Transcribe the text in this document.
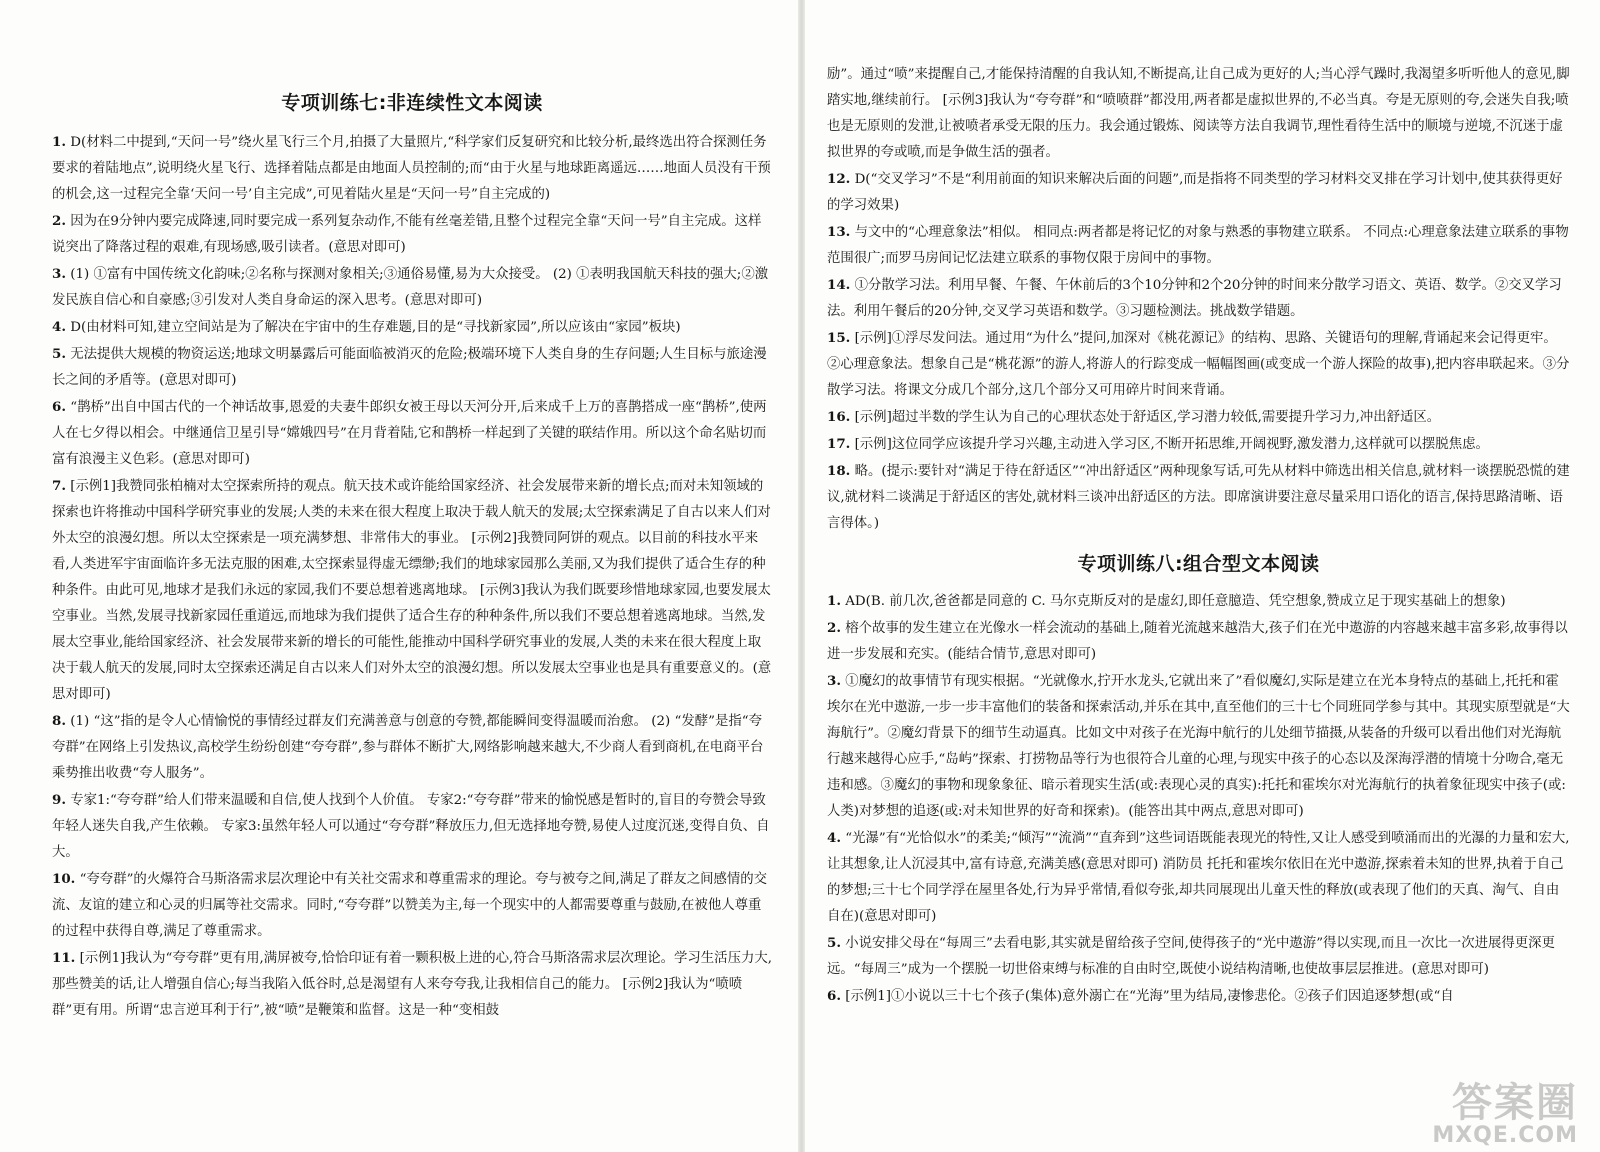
专项训练七:非连续性文本阅读

1. D(材料二中提到,“天问一号”绕火星飞行三个月,拍摄了大量照片,“科学家们反复研究和比较分析,最终选出符合探测任务要求的着陆地点”,说明绕火星飞行、选择着陆点都是由地面人员控制的;而“由于火星与地球距离遥远……地面人员没有干预的机会,这一过程完全靠‘天问一号’自主完成”,可见着陆火星是“天问一号”自主完成的)

2. 因为在9分钟内要完成降速,同时要完成一系列复杂动作,不能有丝毫差错,且整个过程完全靠“天问一号”自主完成。这样说突出了降落过程的艰难,有现场感,吸引读者。(意思对即可)

3. (1) ①富有中国传统文化韵味;②名称与探测对象相关;③通俗易懂,易为大众接受。 (2) ①表明我国航天科技的强大;②激发民族自信心和自豪感;③引发对人类自身命运的深入思考。(意思对即可)

4. D(由材料可知,建立空间站是为了解决在宇宙中的生存难题,目的是“寻找新家园”,所以应该由“家园”板块)

5. 无法提供大规模的物资运送;地球文明暴露后可能面临被消灭的危险;极端环境下人类自身的生存问题;人生目标与旅途漫长之间的矛盾等。(意思对即可)

6. “鹊桥”出自中国古代的一个神话故事,恩爱的夫妻牛郎织女被王母以天河分开,后来成千上万的喜鹊搭成一座“鹊桥”,使两人在七夕得以相会。中继通信卫星引导“嫦娥四号”在月背着陆,它和鹊桥一样起到了关键的联结作用。所以这个命名贴切而富有浪漫主义色彩。(意思对即可)

7. [示例1]我赞同张柏楠对太空探索所持的观点。航天技术或许能给国家经济、社会发展带来新的增长点;而对未知领域的探索也许将推动中国科学研究事业的发展;人类的未来在很大程度上取决于载人航天的发展;太空探索满足了自古以来人们对外太空的浪漫幻想。所以太空探索是一项充满梦想、非常伟大的事业。 [示例2]我赞同阿饼的观点。以目前的科技水平来看,人类进军宇宙面临许多无法克服的困难,太空探索显得虚无缥缈;我们的地球家园那么美丽,又为我们提供了适合生存的种种条件。由此可见,地球才是我们永远的家园,我们不要总想着逃离地球。 [示例3]我认为我们既要珍惜地球家园,也要发展太空事业。当然,发展寻找新家园任重道远,而地球为我们提供了适合生存的种种条件,所以我们不要总想着逃离地球。当然,发展太空事业,能给国家经济、社会发展带来新的增长的可能性,能推动中国科学研究事业的发展,人类的未来在很大程度上取决于载人航天的发展,同时太空探索还满足自古以来人们对外太空的浪漫幻想。所以发展太空事业也是具有重要意义的。(意思对即可)

8. (1) “这”指的是令人心情愉悦的事情经过群友们充满善意与创意的夸赞,都能瞬间变得温暖而治愈。 (2) “发酵”是指“夸夸群”在网络上引发热议,高校学生纷纷创建“夸夸群”,参与群体不断扩大,网络影响越来越大,不少商人看到商机,在电商平台乘势推出收费“夸人服务”。

9. 专家1:“夸夸群”给人们带来温暖和自信,使人找到个人价值。 专家2:“夸夸群”带来的愉悦感是暂时的,盲目的夸赞会导致年轻人迷失自我,产生依赖。 专家3:虽然年轻人可以通过“夸夸群”释放压力,但无选择地夸赞,易使人过度沉迷,变得自负、自大。

10. “夸夸群”的火爆符合马斯洛需求层次理论中有关社交需求和尊重需求的理论。夸与被夸之间,满足了群友之间感情的交流、友谊的建立和心灵的归属等社交需求。同时,“夸夸群”以赞美为主,每一个现实中的人都需要尊重与鼓励,在被他人尊重的过程中获得自尊,满足了尊重需求。

11. [示例1]我认为“夸夸群”更有用,满屏被夸,恰恰印证有着一颗积极上进的心,符合马斯洛需求层次理论。学习生活压力大,那些赞美的话,让人增强自信心;每当我陷入低谷时,总是渴望有人来夸夸我,让我相信自己的能力。 [示例2]我认为“喷喷群”更有用。所谓“忠言逆耳利于行”,被“喷”是鞭策和监督。这是一种“变相鼓

励”。通过“喷”来提醒自己,才能保持清醒的自我认知,不断提高,让自己成为更好的人;当心浮气躁时,我渴望多听听他人的意见,脚踏实地,继续前行。 [示例3]我认为“夸夸群”和“喷喷群”都没用,两者都是虚拟世界的,不必当真。夸是无原则的夸,会迷失自我;喷也是无原则的发泄,让被喷者承受无限的压力。我会通过锻炼、阅读等方法自我调节,理性看待生活中的顺境与逆境,不沉迷于虚拟世界的夸或喷,而是争做生活的强者。

12. D(“交叉学习”不是“利用前面的知识来解决后面的问题”,而是指将不同类型的学习材料交叉排在学习计划中,使其获得更好的学习效果)

13. 与文中的“心理意象法”相似。 相同点:两者都是将记忆的对象与熟悉的事物建立联系。 不同点:心理意象法建立联系的事物范围很广;而罗马房间记忆法建立联系的事物仅限于房间中的事物。

14. ①分散学习法。利用早餐、午餐、午休前后的3个10分钟和2个20分钟的时间来分散学习语文、英语、数学。②交叉学习法。利用午餐后的20分钟,交叉学习英语和数学。③习题检测法。挑战数学错题。

15. [示例]①浮尽发问法。通过用“为什么”提问,加深对《桃花源记》的结构、思路、关键语句的理解,背诵起来会记得更牢。②心理意象法。想象自己是“桃花源”的游人,将游人的行踪变成一幅幅图画(或变成一个游人探险的故事),把内容串联起来。③分散学习法。将课文分成几个部分,这几个部分又可用碎片时间来背诵。

16. [示例]超过半数的学生认为自己的心理状态处于舒适区,学习潜力较低,需要提升学习力,冲出舒适区。

17. [示例]这位同学应该提升学习兴趣,主动进入学习区,不断开拓思维,开阔视野,激发潜力,这样就可以摆脱焦虑。

18. 略。(提示:要针对“满足于待在舒适区”“冲出舒适区”两种现象写话,可先从材料中筛选出相关信息,就材料一谈摆脱恐慌的建议,就材料二谈满足于舒适区的害处,就材料三谈冲出舒适区的方法。即席演讲要注意尽量采用口语化的语言,保持思路清晰、语言得体。)

专项训练八:组合型文本阅读

1. AD(B. 前几次,爸爸都是同意的 C. 马尔克斯反对的是虚幻,即任意臆造、凭空想象,赞成立足于现实基础上的想象)

2. 榕个故事的发生建立在光像水一样会流动的基础上,随着光流越来越浩大,孩子们在光中遨游的内容越来越丰富多彩,故事得以进一步发展和充实。(能结合情节,意思对即可)

3. ①魔幻的故事情节有现实根据。“光就像水,拧开水龙头,它就出来了”看似魔幻,实际是建立在光本身特点的基础上,托托和霍埃尔在光中遨游,一步一步丰富他们的装备和探索活动,并乐在其中,直至他们的三十七个同班同学参与其中。其现实原型就是“大海航行”。②魔幻背景下的细节生动逼真。比如文中对孩子在光海中航行的儿处细节描摄,从装备的升级可以看出他们对光海航行越来越得心应手,“岛屿”探索、打捞物品等行为也很符合儿童的心理,与现实中孩子的心态以及深海浮潜的情境十分吻合,毫无违和感。③魔幻的事物和现象象征、暗示着现实生活(或:表现心灵的真实):托托和霍埃尔对光海航行的执着象征现实中孩子(或:人类)对梦想的追逐(或:对未知世界的好奇和探索)。(能答出其中两点,意思对即可)

4. “光瀑”有“光恰似水”的柔美;“倾泻”“流淌”“直奔到”这些词语既能表现光的特性,又让人感受到喷涌而出的光瀑的力量和宏大,让其想象,让人沉浸其中,富有诗意,充满美感(意思对即可) 消防员 托托和霍埃尔依旧在光中遨游,探索着未知的世界,执着于自己的梦想;三十七个同学浮在屋里各处,行为异乎常情,看似夸张,却共同展现出儿童天性的释放(或表现了他们的天真、淘气、自由自在)(意思对即可)

5. 小说安排父母在“每周三”去看电影,其实就是留给孩子空间,使得孩子的“光中遨游”得以实现,而且一次比一次进展得更深更远。“每周三”成为一个摆脱一切世俗束缚与标准的自由时空,既使小说结构清晰,也使故事层层推进。(意思对即可)

6. [示例1]①小说以三十七个孩子(集体)意外溺亡在“光海”里为结局,凄惨悲伦。②孩子们因追逐梦想(或“自

答案圈
MXQE.COM
